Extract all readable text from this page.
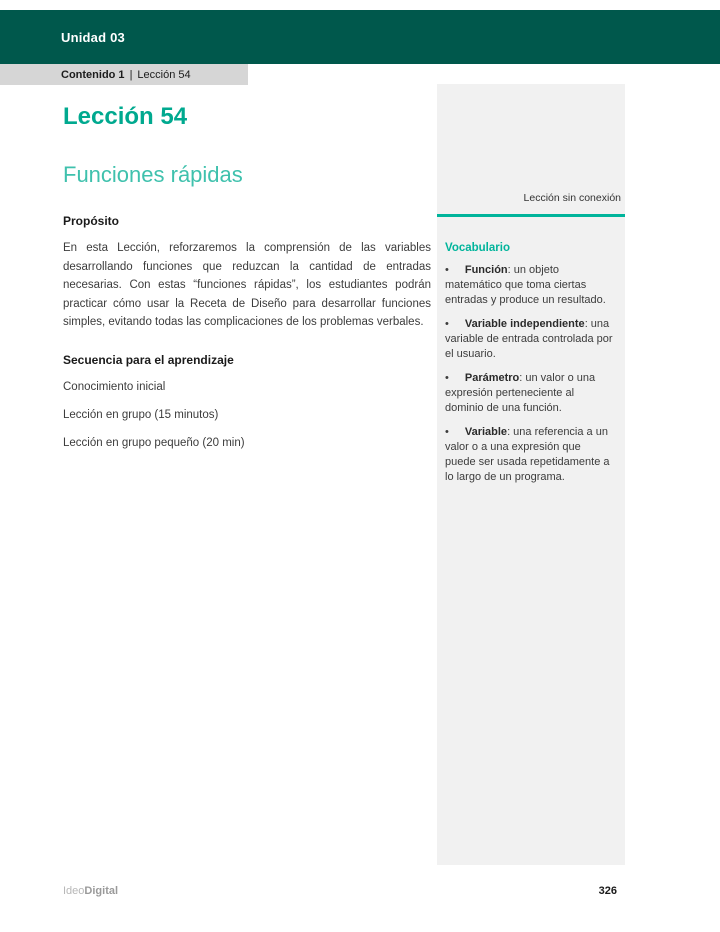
Unidad 03
Contenido 1 | Lección 54
Lección 54
Funciones rápidas
Propósito

En esta Lección, reforzaremos la comprensión de las variables desarrollando funciones que reduzcan la cantidad de entradas necesarias. Con estas “funciones rápidas”, los estudiantes podrán practicar cómo usar la Receta de Diseño para desarrollar funciones simples, evitando todas las complicaciones de los problemas verbales.

Secuencia para el aprendizaje
Conocimiento inicial
Lección en grupo (15 minutos)
Lección en grupo pequeño (20 min)
Lección sin conexión
Vocabulario
• Función: un objeto matemático que toma ciertas entradas y produce un resultado.
• Variable independiente: una variable de entrada controlada por el usuario.
• Parámetro: un valor o una expresión perteneciente al dominio de una función.
• Variable: una referencia a un valor o a una expresión que puede ser usada repetidamente a lo largo de un programa.
IdeoDigital	326
